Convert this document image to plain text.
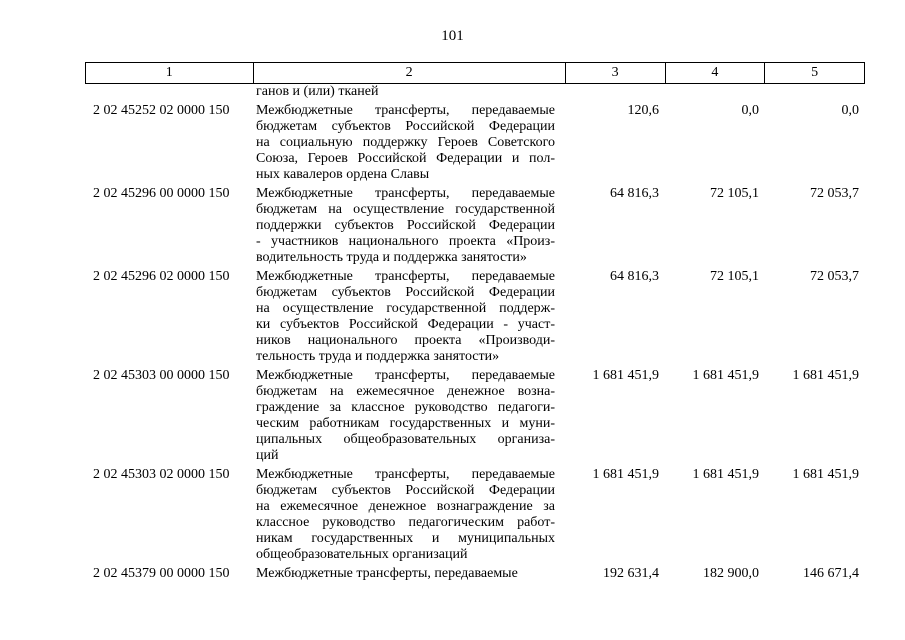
101
1	2	3	4	5
ганов и (или) тканей
2 02 45252 02 0000 150	Межбюджетные трансферты, передаваемые
бюджетам субъектов Российской Федерации
на социальную поддержку Героев Советского
Союза, Героев Российской Федерации и пол-
ных кавалеров ордена Славы
120,6	0,0	0,0
2 02 45296 00 0000 150	Межбюджетные трансферты, передаваемые
бюджетам на осуществление государственной
поддержки субъектов Российской Федерации
- участников национального проекта «Произ-
водительность труда и поддержка занятости»
64 816,3	72 105,1	72 053,7
2 02 45296 02 0000 150	Межбюджетные трансферты, передаваемые
бюджетам субъектов Российской Федерации
на осуществление государственной поддерж-
ки субъектов Российской Федерации - участ-
ников национального проекта «Производи-
тельность труда и поддержка занятости»
64 816,3	72 105,1	72 053,7
2 02 45303 00 0000 150	Межбюджетные трансферты, передаваемые
бюджетам на ежемесячное денежное возна-
граждение за классное руководство педагоги-
ческим работникам государственных и муни-
ципальных общеобразовательных организа-
ций
1 681 451,9	1 681 451,9	1 681 451,9
2 02 45303 02 0000 150	Межбюджетные трансферты, передаваемые
бюджетам субъектов Российской Федерации
на ежемесячное денежное вознаграждение за
классное руководство педагогическим работ-
никам государственных и муниципальных
общеобразовательных организаций
1 681 451,9	1 681 451,9	1 681 451,9
2 02 45379 00 0000 150	Межбюджетные трансферты, передаваемые	192 631,4	182 900,0	146 671,4
